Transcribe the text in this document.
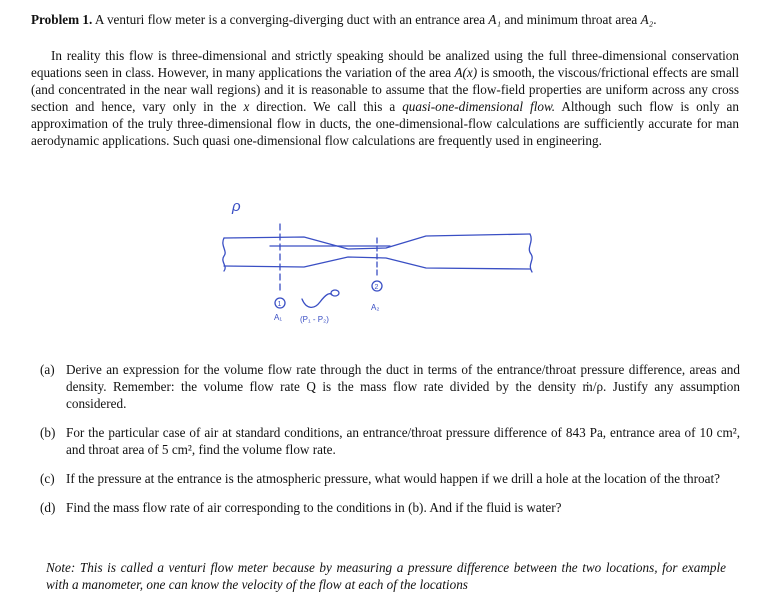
Problem 1. A venturi flow meter is a converging-diverging duct with an entrance area A₁ and minimum throat area A₂.
In reality this flow is three-dimensional and strictly speaking should be analized using the full three-dimensional conservation equations seen in class. However, in many applications the variation of the area A(x) is smooth, the viscous/frictional effects are small (and concentrated in the near wall regions) and it is reasonable to assume that the flow-field properties are uniform across any cross section and hence, vary only in the x direction. We call this a quasi-one-dimensional flow. Although such flow is only an approximation of the truly three-dimensional flow in ducts, the one-dimensional-flow calculations are sufficiently accurate for man aerodynamic applications. Such quasi one-dimensional flow calculations are frequently used in engineering.
ρ
1
2
A₁ (P₁ - P₂)
A₂
(a) Derive an expression for the volume flow rate through the duct in terms of the entrance/throat pressure difference, areas and density. Remember: the volume flow rate Q is the mass flow rate divided by the density ṁ/ρ. Justify any assumption considered.
(b) For the particular case of air at standard conditions, an entrance/throat pressure difference of 843 Pa, entrance area of 10 cm², and throat area of 5 cm², find the volume flow rate.
(c) If the pressure at the entrance is the atmospheric pressure, what would happen if we drill a hole at the location of the throat?
(d) Find the mass flow rate of air corresponding to the conditions in (b). And if the fluid is water?
Note: This is called a venturi flow meter because by measuring a pressure difference between the two locations, for example with a manometer, one can know the velocity of the flow at each of the locations
